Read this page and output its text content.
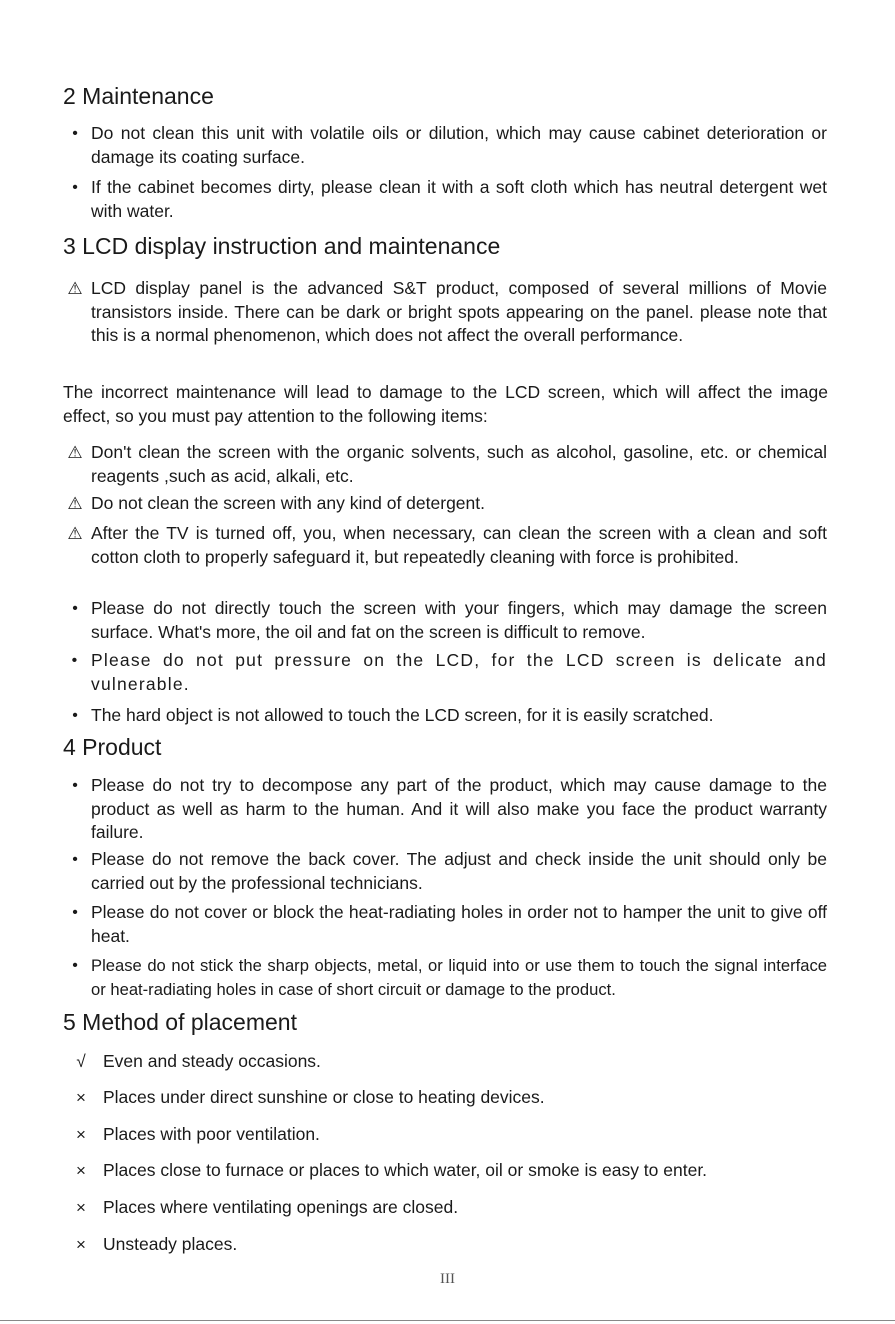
2 Maintenance

• Do not clean this unit with volatile oils or dilution, which may cause cabinet deterioration or damage its coating surface.

• If the cabinet becomes dirty, please clean it with a soft cloth which has neutral detergent wet with water.

3 LCD display instruction and maintenance

⚠ LCD display panel is the advanced S&T product, composed of several millions of Movie transistors inside. There can be dark or bright spots appearing on the panel. please note that this is a normal phenomenon, which does not affect the overall performance.

The incorrect maintenance will lead to damage to the LCD screen, which will affect the image effect, so you must pay attention to the following items:

⚠ Don't clean the screen with the organic solvents, such as alcohol, gasoline, etc. or chemical reagents ,such as acid, alkali, etc.

⚠ Do not clean the screen with any kind of detergent.

⚠ After the TV is turned off, you, when necessary, can clean the screen with a clean and soft cotton cloth to properly safeguard it, but repeatedly cleaning with force is prohibited.

• Please do not directly touch the screen with your fingers, which may damage the screen surface. What's more, the oil and fat on the screen is difficult to remove.

• Please do not put pressure on the LCD, for the LCD screen is delicate and vulnerable.

• The hard object is not allowed to touch the LCD screen, for it is easily scratched.

4 Product

• Please do not try to decompose any part of the product, which may cause damage to the product as well as harm to the human. And it will also make you face the product warranty failure.

• Please do not remove the back cover. The adjust and check inside the unit should only be carried out by the professional technicians.

• Please do not cover or block the heat-radiating holes in order not to hamper the unit to give off heat.

• Please do not stick the sharp objects, metal, or liquid into or use them to touch the signal interface or heat-radiating holes in case of short circuit or damage to the product.

5 Method of placement
√ Even and steady occasions.
× Places under direct sunshine or close to heating devices.
× Places with poor ventilation.
× Places close to furnace or places to which water, oil or smoke is easy to enter.
× Places where ventilating openings are closed.
× Unsteady places.
III
